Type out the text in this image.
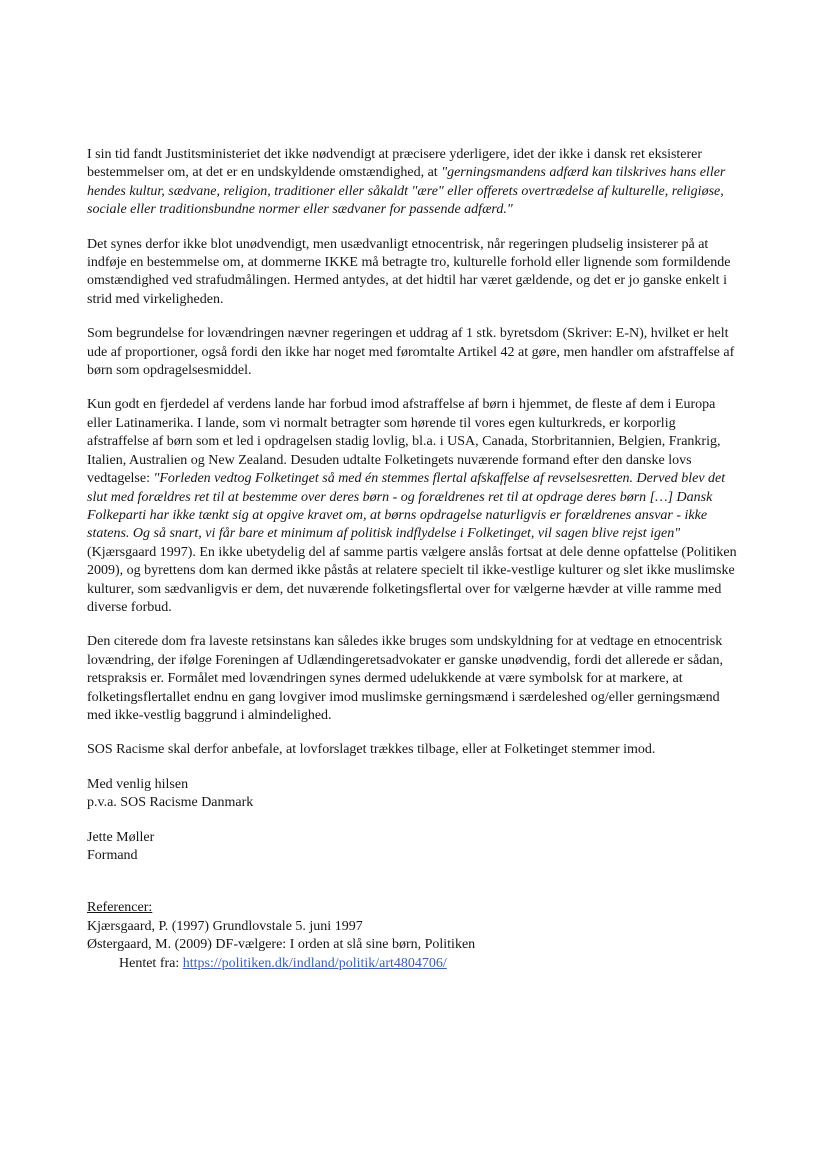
I sin tid fandt Justitsministeriet det ikke nødvendigt at præcisere yderligere, idet der ikke i dansk ret eksisterer bestemmelser om, at det er en undskyldende omstændighed, at "gerningsmandens adfærd kan tilskrives hans eller hendes kultur, sædvane, religion, traditioner eller såkaldt "ære" eller offerets overtrædelse af kulturelle, religiøse, sociale eller traditionsbundne normer eller sædvaner for passende adfærd."

Det synes derfor ikke blot unødvendigt, men usædvanligt etnocentrisk, når regeringen pludselig insisterer på at indføje en bestemmelse om, at dommerne IKKE må betragte tro, kulturelle forhold eller lignende som formildende omstændighed ved strafudmålingen. Hermed antydes, at det hidtil har været gældende, og det er jo ganske enkelt i strid med virkeligheden.

Som begrundelse for lovændringen nævner regeringen et uddrag af 1 stk. byretsdom (Skriver: E-N), hvilket er helt ude af proportioner, også fordi den ikke har noget med føromtalte Artikel 42 at gøre, men handler om afstraffelse af børn som opdragelsesmiddel.

Kun godt en fjerdedel af verdens lande har forbud imod afstraffelse af børn i hjemmet, de fleste af dem i Europa eller Latinamerika. I lande, som vi normalt betragter som hørende til vores egen kulturkreds, er korporlig afstraffelse af børn som et led i opdragelsen stadig lovlig, bl.a. i USA, Canada, Storbritannien, Belgien, Frankrig, Italien, Australien og New Zealand. Desuden udtalte Folketingets nuværende formand efter den danske lovs vedtagelse: "Forleden vedtog Folketinget så med én stemmes flertal afskaffelse af revselsesretten. Derved blev det slut med forældres ret til at bestemme over deres børn - og forældrenes ret til at opdrage deres børn […] Dansk Folkeparti har ikke tænkt sig at opgive kravet om, at børns opdragelse naturligvis er forældrenes ansvar - ikke statens. Og så snart, vi får bare et minimum af politisk indflydelse i Folketinget, vil sagen blive rejst igen" (Kjærsgaard 1997). En ikke ubetydelig del af samme partis vælgere anslås fortsat at dele denne opfattelse (Politiken 2009), og byrettens dom kan dermed ikke påstås at relatere specielt til ikke-vestlige kulturer og slet ikke muslimske kulturer, som sædvanligvis er dem, det nuværende folketingsflertal over for vælgerne hævder at ville ramme med diverse forbud.

Den citerede dom fra laveste retsinstans kan således ikke bruges som undskyldning for at vedtage en etnocentrisk lovændring, der ifølge Foreningen af Udlændingeretsadvokater er ganske unødvendig, fordi det allerede er sådan, retspraksis er. Formålet med lovændringen synes dermed udelukkende at være symbolsk for at markere, at folketingsflertallet endnu en gang lovgiver imod muslimske gerningsmænd i særdeleshed og/eller gerningsmænd med ikke-vestlig baggrund i almindelighed.

SOS Racisme skal derfor anbefale, at lovforslaget trækkes tilbage, eller at Folketinget stemmer imod.

Med venlig hilsen
p.v.a. SOS Racisme Danmark
Jette Møller
Formand
Referencer:
Kjærsgaard, P. (1997) Grundlovstale 5. juni 1997
Østergaard, M. (2009) DF-vælgere: I orden at slå sine børn, Politiken
Hentet fra: https://politiken.dk/indland/politik/art4804706/
